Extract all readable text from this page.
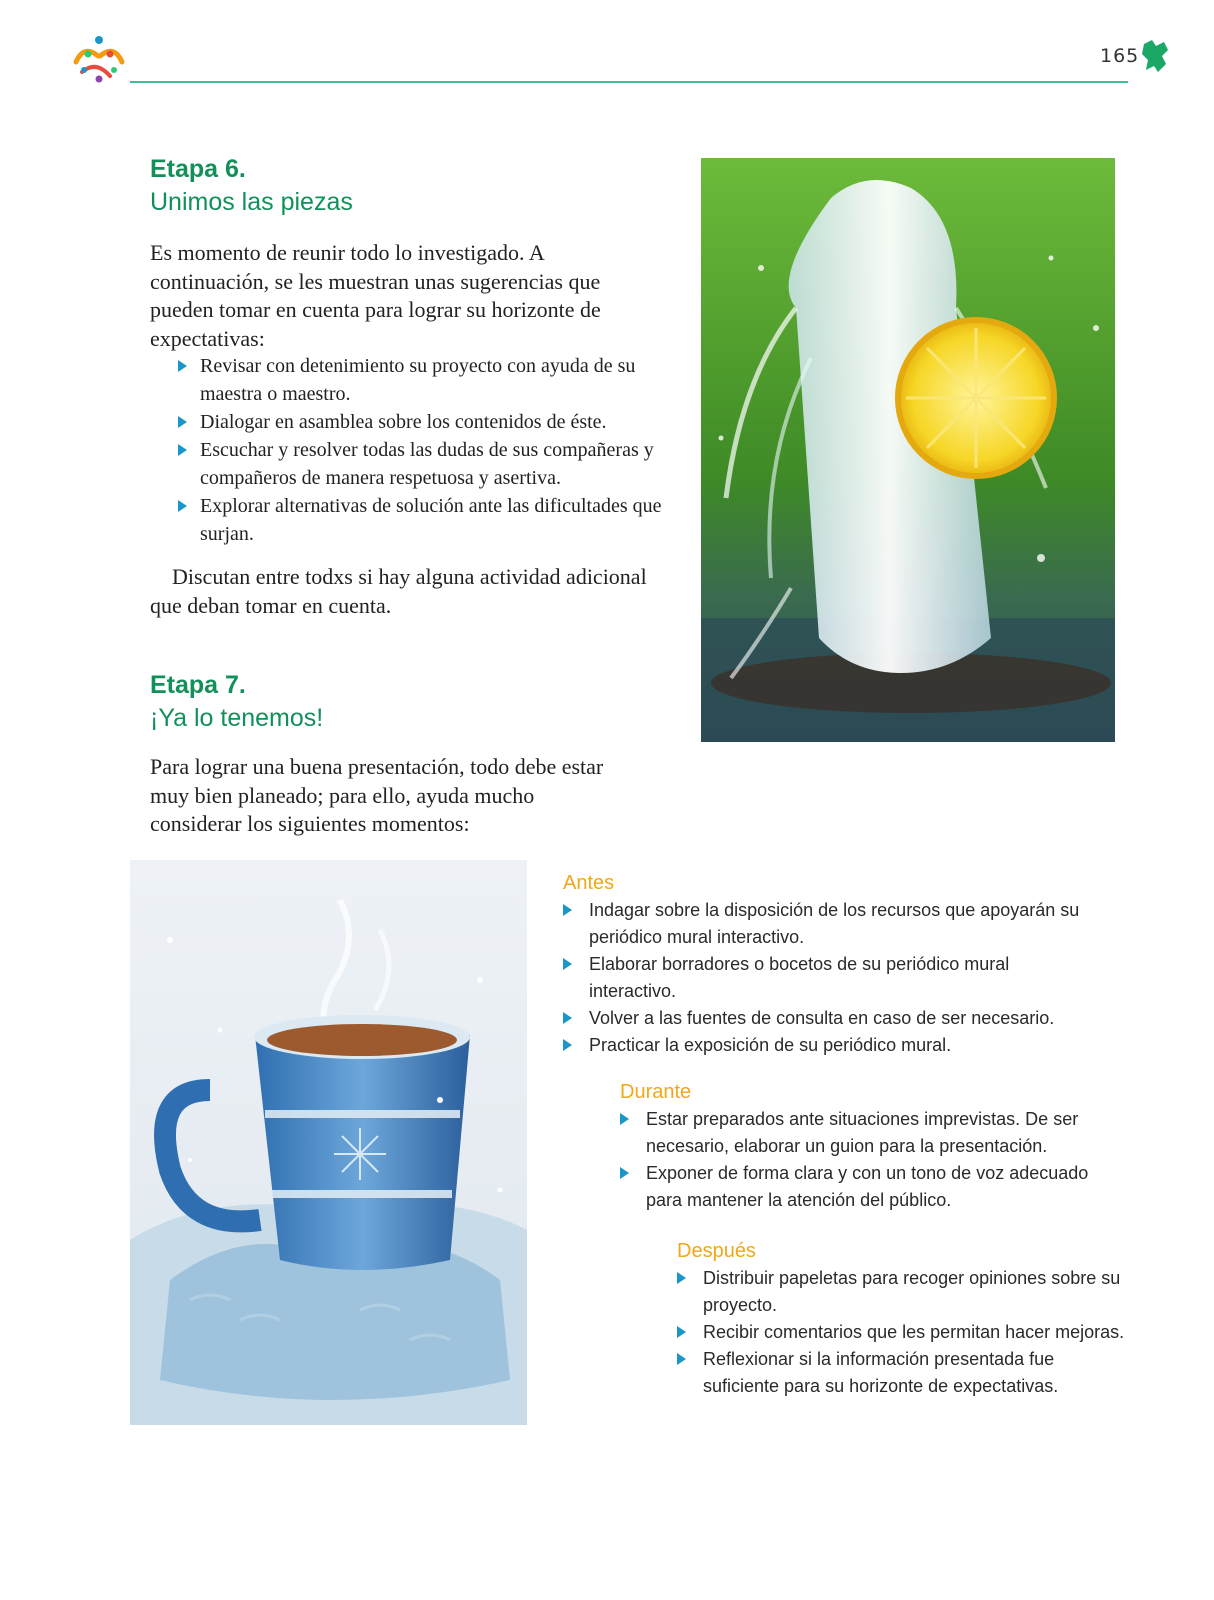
165
Etapa 6.
Unimos las piezas
Es momento de reunir todo lo investigado. A continuación, se les muestran unas sugerencias que pueden tomar en cuenta para lograr su horizonte de expectativas:
Revisar con detenimiento su proyecto con ayuda de su maestra o maestro.
Dialogar en asamblea sobre los contenidos de éste.
Escuchar y resolver todas las dudas de sus compañeras y compañeros de manera respetuosa y asertiva.
Explorar alternativas de solución ante las dificultades que surjan.
Discutan entre todxs si hay alguna actividad adicional que deban tomar en cuenta.
Etapa 7.
¡Ya lo tenemos!
Para lograr una buena presentación, todo debe estar muy bien planeado; para ello, ayuda mucho considerar los siguientes momentos:
Antes
Indagar sobre la disposición de los recursos que apoyarán su periódico mural interactivo.
Elaborar borradores o bocetos de su periódico mural interactivo.
Volver a las fuentes de consulta en caso de ser necesario.
Practicar la exposición de su periódico mural.
Durante
Estar preparados ante situaciones imprevistas. De ser necesario, elaborar un guion para la presentación.
Exponer de forma clara y con un tono de voz adecuado para mantener la atención del público.
Después
Distribuir papeletas para recoger opiniones sobre su proyecto.
Recibir comentarios que les permitan hacer mejoras.
Reflexionar si la información presentada fue suficiente para su horizonte de expectativas.
